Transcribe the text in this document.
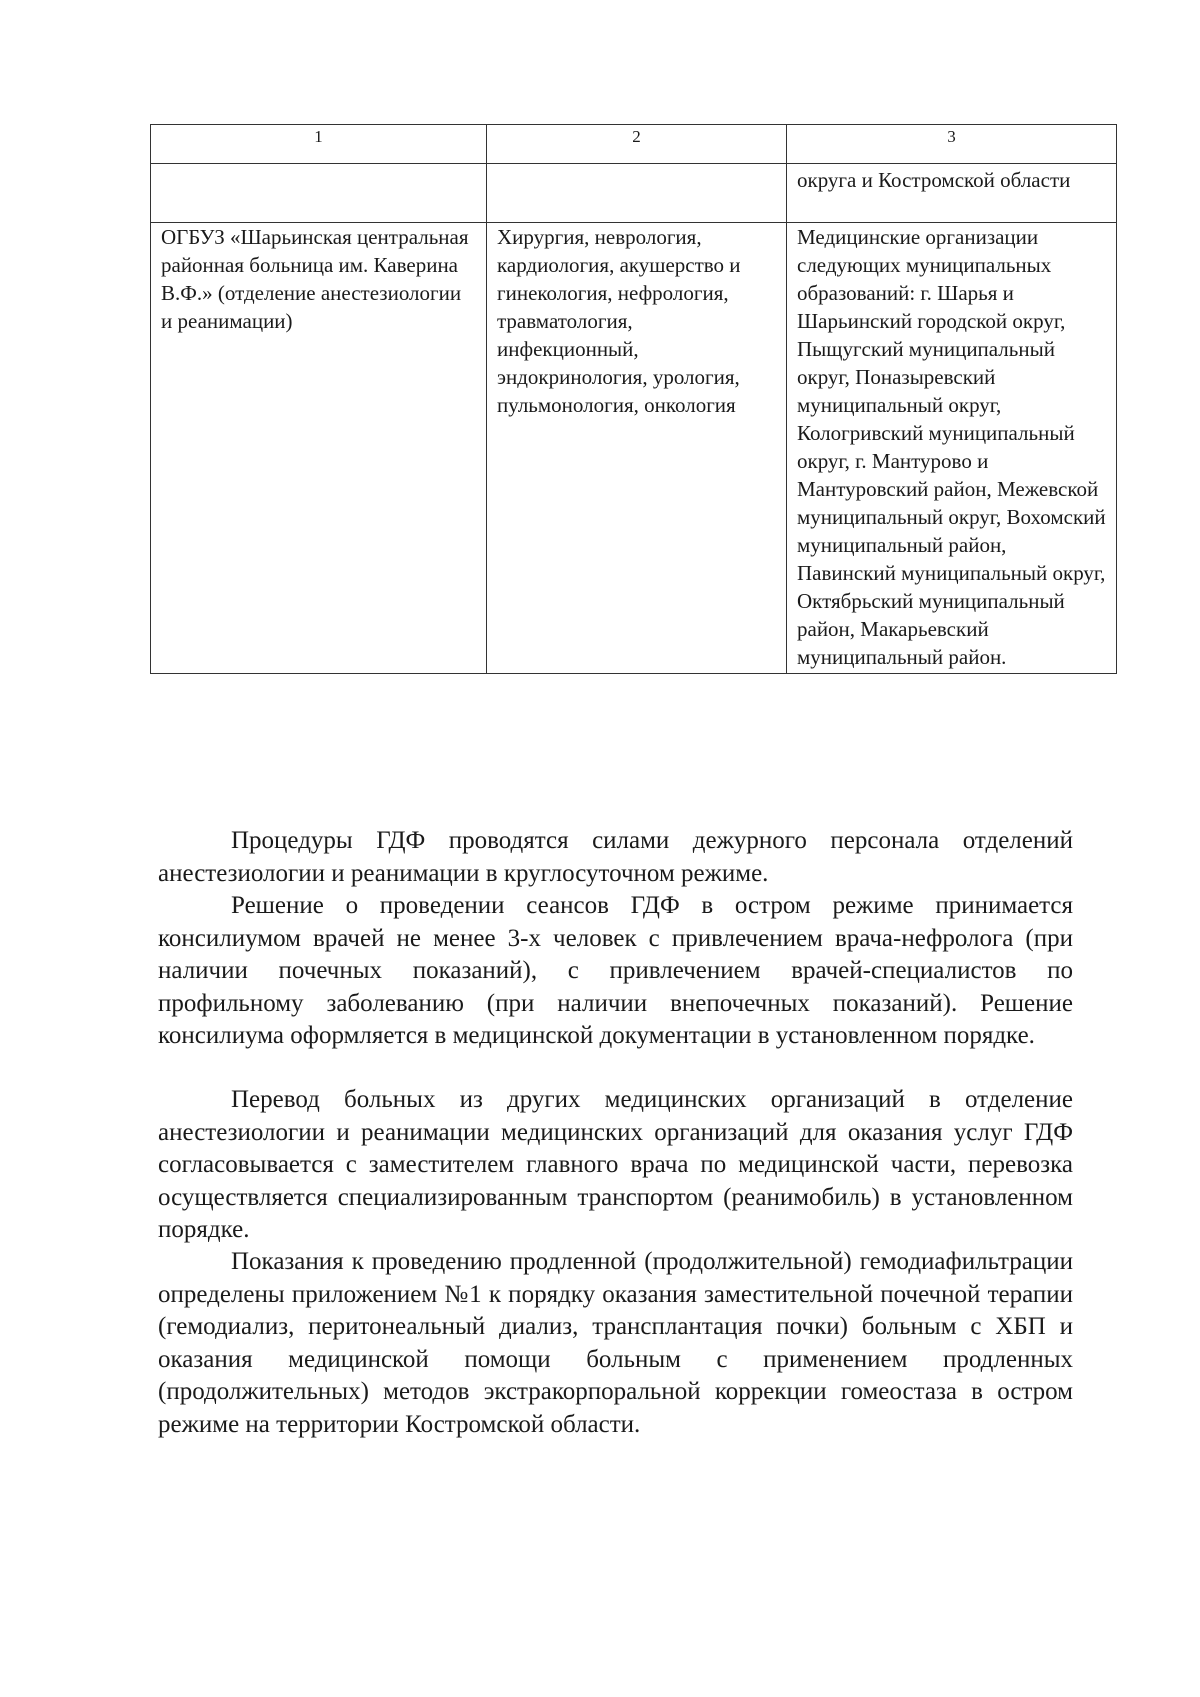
1	2	3
		округа и Костромской области
ОГБУЗ «Шарьинская центральная районная больница им. Каверина В.Ф.» (отделение анестезиологии и реанимации)	Хирургия, неврология, кардиология, акушерство и гинекология, нефрология, травматология, инфекционный, эндокринология, урология, пульмонология, онкология	Медицинские организации следующих муниципальных образований: г. Шарья и Шарьинский городской округ, Пыщугский муниципальный округ, Поназыревский муниципальный округ, Кологривский муниципальный округ, г. Мантурово и Мантуровский район, Межевской муниципальный округ, Вохомский муниципальный район, Павинский муниципальный округ, Октябрьский муниципальный район, Макарьевский муниципальный район.

Процедуры ГДФ проводятся силами дежурного персонала отделений анестезиологии и реанимации в круглосуточном режиме.

Решение о проведении сеансов ГДФ в остром режиме принимается консилиумом врачей не менее 3-х человек с привлечением врача-нефролога (при наличии почечных показаний), с привлечением врачей-специалистов по профильному заболеванию (при наличии внепочечных показаний). Решение консилиума оформляется в медицинской документации в установленном порядке.

Перевод больных из других медицинских организаций в отделение анестезиологии и реанимации медицинских организаций для оказания услуг ГДФ согласовывается с заместителем главного врача по медицинской части, перевозка осуществляется специализированным транспортом (реанимобиль) в установленном порядке.

Показания к проведению продленной (продолжительной) гемодиафильтрации определены приложением №1 к порядку оказания заместительной почечной терапии (гемодиализ, перитонеальный диализ, трансплантация почки) больным с ХБП и оказания медицинской помощи больным с применением продленных (продолжительных) методов экстракорпоральной коррекции гомеостаза в остром режиме на территории Костромской области.
